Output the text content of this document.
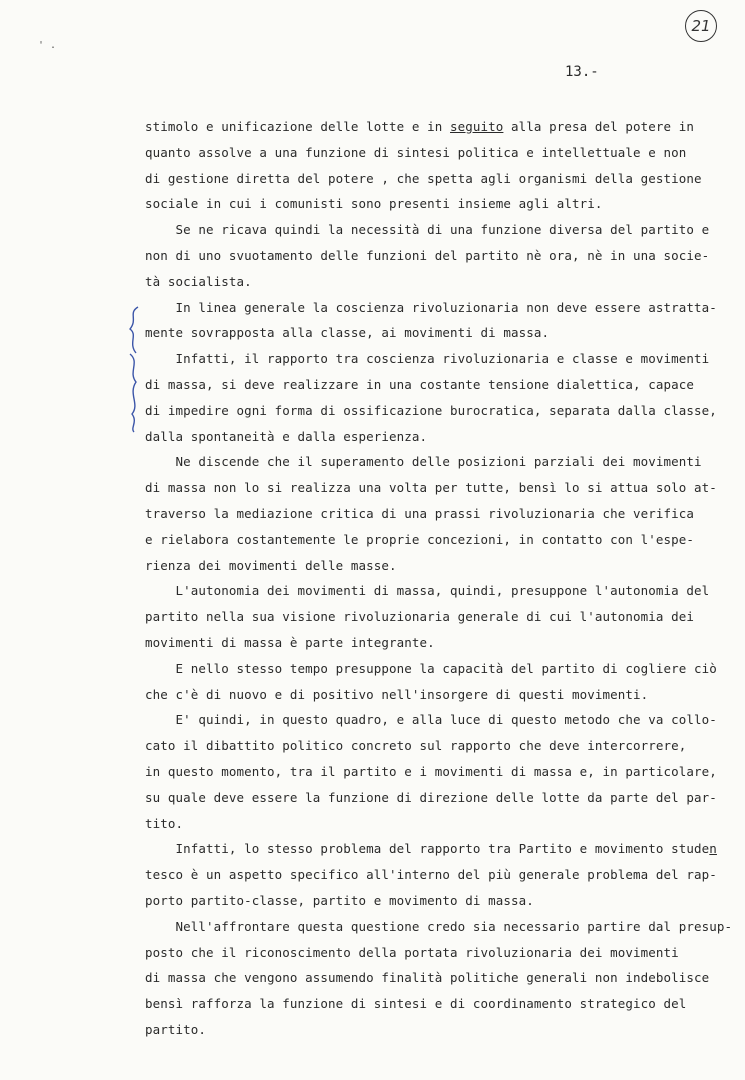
' .
21
13.-
stimolo e unificazione delle lotte e in seguito alla presa del potere in
quanto assolve a una funzione di sintesi politica e intellettuale e non
di gestione diretta del potere , che spetta agli organismi della gestione
sociale in cui i comunisti sono presenti insieme agli altri.
Se ne ricava quindi la necessità di una funzione diversa del partito e
non di uno svuotamento delle funzioni del partito nè ora, nè in una socie-
tà socialista.
In linea generale la coscienza rivoluzionaria non deve essere astratta-
mente sovrapposta alla classe, ai movimenti di massa.
Infatti, il rapporto tra coscienza rivoluzionaria e classe e movimenti
di massa, si deve realizzare in una costante tensione dialettica, capace
di impedire ogni forma di ossificazione burocratica, separata dalla classe,
dalla spontaneità e dalla esperienza.
Ne discende che il superamento delle posizioni parziali dei movimenti
di massa non lo si realizza una volta per tutte, bensì lo si attua solo at-
traverso la mediazione critica di una prassi rivoluzionaria che verifica
e rielabora costantemente le proprie concezioni, in contatto con l'espe-
rienza dei movimenti delle masse.
L'autonomia dei movimenti di massa, quindi, presuppone l'autonomia del
partito nella sua visione rivoluzionaria generale di cui l'autonomia dei
movimenti di massa è parte integrante.
E nello stesso tempo presuppone la capacità del partito di cogliere ciò
che c'è di nuovo e di positivo nell'insorgere di questi movimenti.
E' quindi, in questo quadro, e alla luce di questo metodo che va collo-
cato il dibattito politico concreto sul rapporto che deve intercorrere,
in questo momento, tra il partito e i movimenti di massa e, in particolare,
su quale deve essere la funzione di direzione delle lotte da parte del par-
tito.
Infatti, lo stesso problema del rapporto tra Partito e movimento studen
tesco è un aspetto specifico all'interno del più generale problema del rap-
porto partito-classe, partito e movimento di massa.
Nell'affrontare questa questione credo sia necessario partire dal presup-
posto che il riconoscimento della portata rivoluzionaria dei movimenti
di massa che vengono assumendo finalità politiche generali non indebolisce
bensì rafforza la funzione di sintesi e di coordinamento strategico del
partito.
